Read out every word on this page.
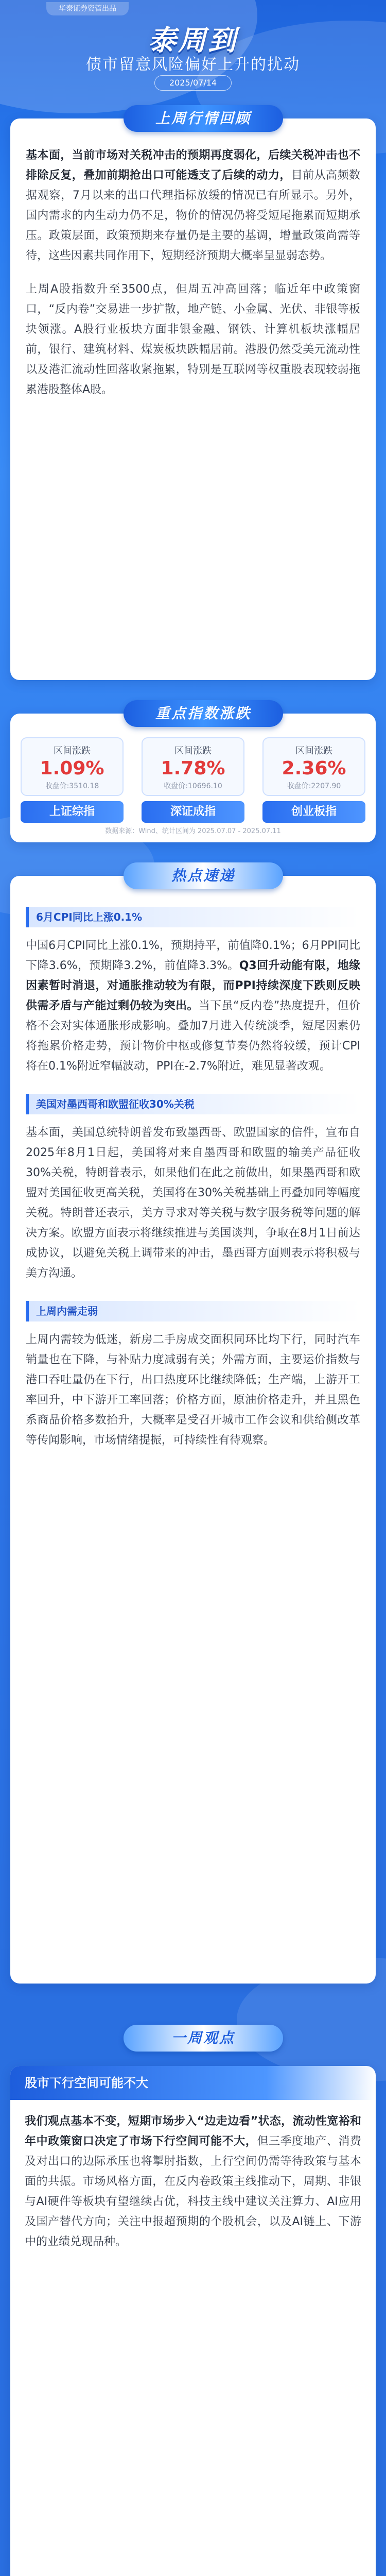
华泰证券资管出品
泰周到
债市留意风险偏好上升的扰动
2025/07/14
上周行情回顾

基本面，当前市场对关税冲击的预期再度弱化，后续关税冲击也不排除反复，叠加前期抢出口可能透支了后续的动力，目前从高频数据观察，7月以来的出口代理指标放缓的情况已有所显示。另外，国内需求的内生动力仍不足，物价的情况仍将受短尾拖累而短期承压。政策层面，政策预期来存量仍是主要的基调，增量政策尚需等待，这些因素共同作用下，短期经济预期大概率呈显弱态势。

上周A股指数升至3500点，但周五冲高回落；临近年中政策窗口，“反内卷”交易进一步扩散，地产链、小金属、光伏、非银等板块领涨。A股行业板块方面非银金融、钢铁、计算机板块涨幅居前，银行、建筑材料、煤炭板块跌幅居前。港股仍然受美元流动性以及港汇流动性回落收紧拖累，特别是互联网等权重股表现较弱拖累港股整体A股。

重点指数涨跌
区间涨跌
1.09%
收盘价:3510.18
上证综指
区间涨跌
1.78%
收盘价:10696.10
深证成指
区间涨跌
2.36%
收盘价:2207.90
创业板指
数据来源：Wind、统计区间为 2025.07.07 - 2025.07.11
热点速递
6月CPI同比上涨0.1%

中国6月CPI同比上涨0.1%，预期持平，前值降0.1%；6月PPI同比下降3.6%，预期降3.2%，前值降3.3%。Q3回升动能有限，地缘因素暂时消退，对通胀推动较为有限，而PPI持续深度下跌则反映供需矛盾与产能过剩仍较为突出。当下虽“反内卷”热度提升，但价格不会对实体通胀形成影响。叠加7月进入传统淡季，短尾因素仍将拖累价格走势，预计物价中枢或修复节奏仍然将较缓，预计CPI将在0.1%附近窄幅波动，PPI在-2.7%附近，难见显著改观。

美国对墨西哥和欧盟征收30%关税

基本面，美国总统特朗普发布致墨西哥、欧盟国家的信件，宣布自2025年8月1日起，美国将对来自墨西哥和欧盟的输美产品征收30%关税，特朗普表示，如果他们在此之前做出，如果墨西哥和欧盟对美国征收更高关税，美国将在30%关税基础上再叠加同等幅度关税。特朗普还表示，美方寻求对等关税与数字服务税等问题的解决方案。欧盟方面表示将继续推进与美国谈判，争取在8月1日前达成协议，以避免关税上调带来的冲击，墨西哥方面则表示将积极与美方沟通。

上周内需走弱

上周内需较为低迷，新房二手房成交面积同环比均下行，同时汽车销量也在下降，与补贴力度减弱有关；外需方面，主要运价指数与港口吞吐量仍在下行，出口热度环比继续降低；生产端，上游开工率回升，中下游开工率回落；价格方面，原油价格走升，并且黑色系商品价格多数抬升，大概率是受召开城市工作会议和供给侧改革等传闻影响，市场情绪提振，可持续性有待观察。

一周观点
股市下行空间可能不大

我们观点基本不变，短期市场步入“边走边看”状态，流动性宽裕和年中政策窗口决定了市场下行空间可能不大，但三季度地产、消费及对出口的边际承压也将掣肘指数，上行空间仍需等待政策与基本面的共振。市场风格方面，在反内卷政策主线推动下，周期、非银与AI硬件等板块有望继续占优，科技主线中建议关注算力、AI应用及国产替代方向；关注中报超预期的个股机会，以及AI链上、下游中的业绩兑现品种。
